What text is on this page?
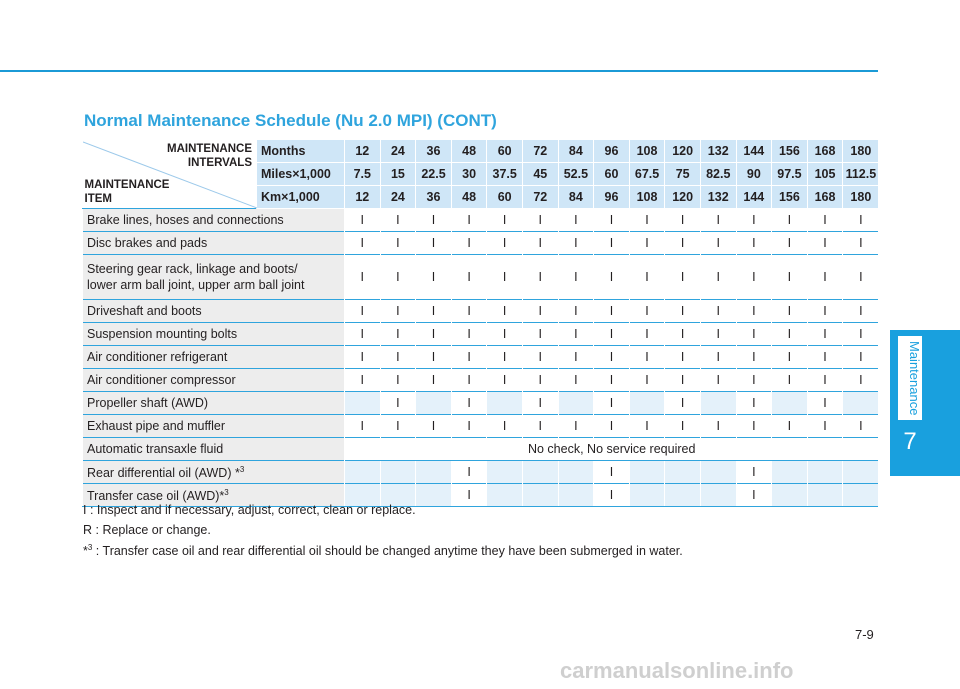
Normal Maintenance Schedule (Nu 2.0 MPI) (CONT)
Maintenance
7
MAINTENANCE
INTERVALS
MAINTENANCE
ITEM	Months	12	24	36	48	60	72	84	96	108	120	132	144	156	168	180
	Miles×1,000	7.5	15	22.5	30	37.5	45	52.5	60	67.5	75	82.5	90	97.5	105	112.5
	Km×1,000	12	24	36	48	60	72	84	96	108	120	132	144	156	168	180
Brake lines, hoses and connections		I	I	I	I	I	I	I	I	I	I	I	I	I	I	I
Disc brakes and pads		I	I	I	I	I	I	I	I	I	I	I	I	I	I	I
Steering gear rack, linkage and boots/
lower arm ball joint, upper arm ball joint		I	I	I	I	I	I	I	I	I	I	I	I	I	I	I
Driveshaft and boots		I	I	I	I	I	I	I	I	I	I	I	I	I	I	I
Suspension mounting bolts		I	I	I	I	I	I	I	I	I	I	I	I	I	I	I
Air conditioner refrigerant		I	I	I	I	I	I	I	I	I	I	I	I	I	I	I
Air conditioner compressor		I	I	I	I	I	I	I	I	I	I	I	I	I	I	I
Propeller shaft (AWD)			I		I		I		I		I		I		I	
Exhaust pipe and muffler		I	I	I	I	I	I	I	I	I	I	I	I	I	I	I
Automatic transaxle fluid		No check, No service required														
Rear differential oil (AWD) *$^3$					I				I				I			
Transfer case oil (AWD)*$^3$					I				I				I			
I : Inspect and if necessary, adjust, correct, clean or replace.
R : Replace or change.
*$^3$ : Transfer case oil and rear differential oil should be changed anytime they have been submerged in water.
7-9
carmanualsonline.info
